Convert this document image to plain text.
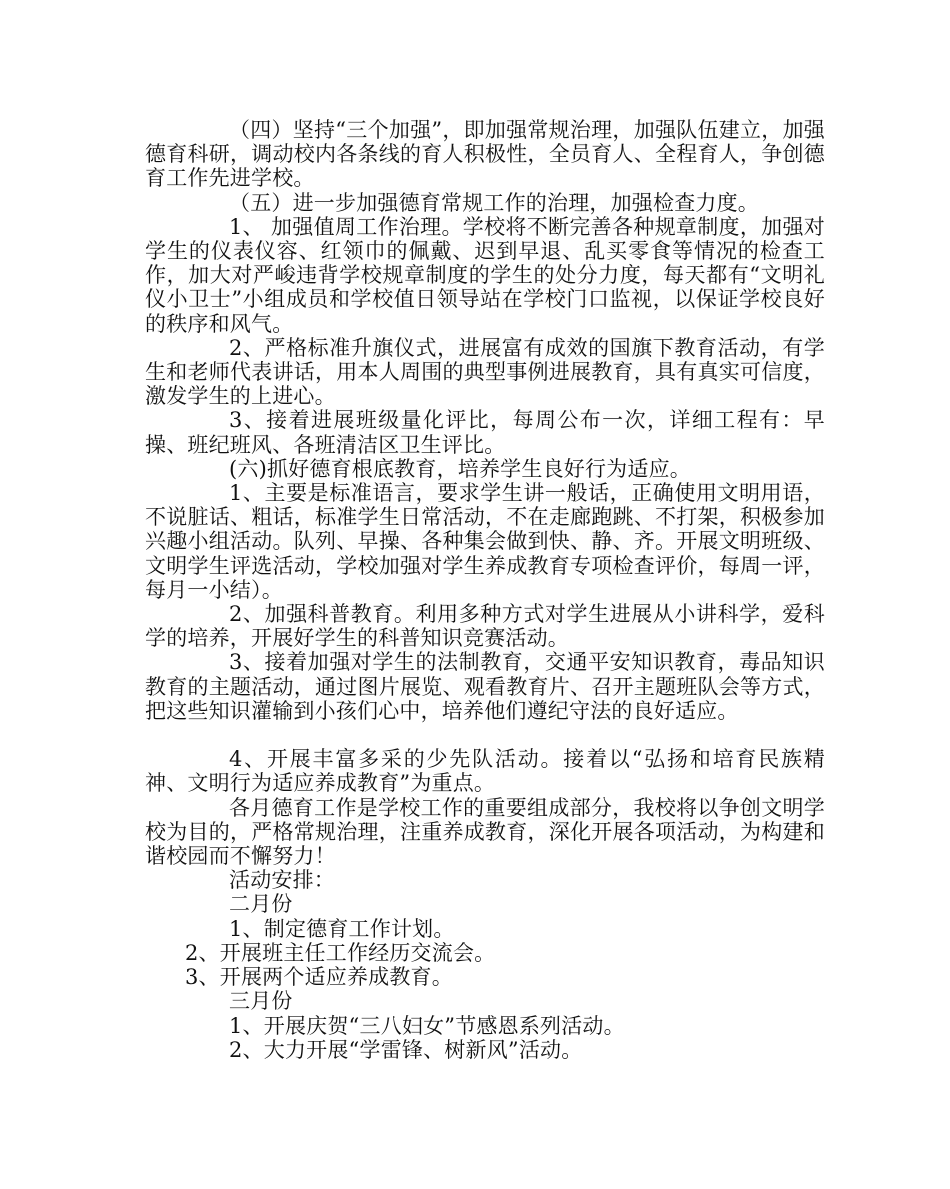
（四）坚持“三个加强”，即加强常规治理，加强队伍建立，加强德育科研，调动校内各条线的育人积极性，全员育人、全程育人，争创德育工作先进学校。

（五）进一步加强德育常规工作的治理，加强检查力度。

1、 加强值周工作治理。学校将不断完善各种规章制度，加强对学生的仪表仪容、红领巾的佩戴、迟到早退、乱买零食等情况的检查工作，加大对严峻违背学校规章制度的学生的处分力度，每天都有“文明礼仪小卫士”小组成员和学校值日领导站在学校门口监视，以保证学校良好的秩序和风气。

2、严格标准升旗仪式，进展富有成效的国旗下教育活动，有学生和老师代表讲话，用本人周围的典型事例进展教育，具有真实可信度，激发学生的上进心。

3、接着进展班级量化评比，每周公布一次，详细工程有：早操、班纪班风、各班清洁区卫生评比。

(六)抓好德育根底教育，培养学生良好行为适应。

1、主要是标准语言，要求学生讲一般话，正确使用文明用语，不说脏话、粗话，标准学生日常活动，不在走廊跑跳、不打架，积极参加兴趣小组活动。队列、早操、各种集会做到快、静、齐。开展文明班级、文明学生评选活动，学校加强对学生养成教育专项检查评价，每周一评，每月一小结）。

2、加强科普教育。利用多种方式对学生进展从小讲科学，爱科学的培养，开展好学生的科普知识竞赛活动。

3、接着加强对学生的法制教育，交通平安知识教育，毒品知识教育的主题活动，通过图片展览、观看教育片、召开主题班队会等方式，把这些知识灌输到小孩们心中，培养他们遵纪守法的良好适应。

4、开展丰富多采的少先队活动。接着以“弘扬和培育民族精神、文明行为适应养成教育”为重点。

各月德育工作是学校工作的重要组成部分，我校将以争创文明学校为目的，严格常规治理，注重养成教育，深化开展各项活动，为构建和谐校园而不懈努力！

活动安排：

二月份

1、制定德育工作计划。

2、开展班主任工作经历交流会。

3、开展两个适应养成教育。

三月份

1、开展庆贺“三八妇女”节感恩系列活动。

2、大力开展“学雷锋、树新风”活动。
